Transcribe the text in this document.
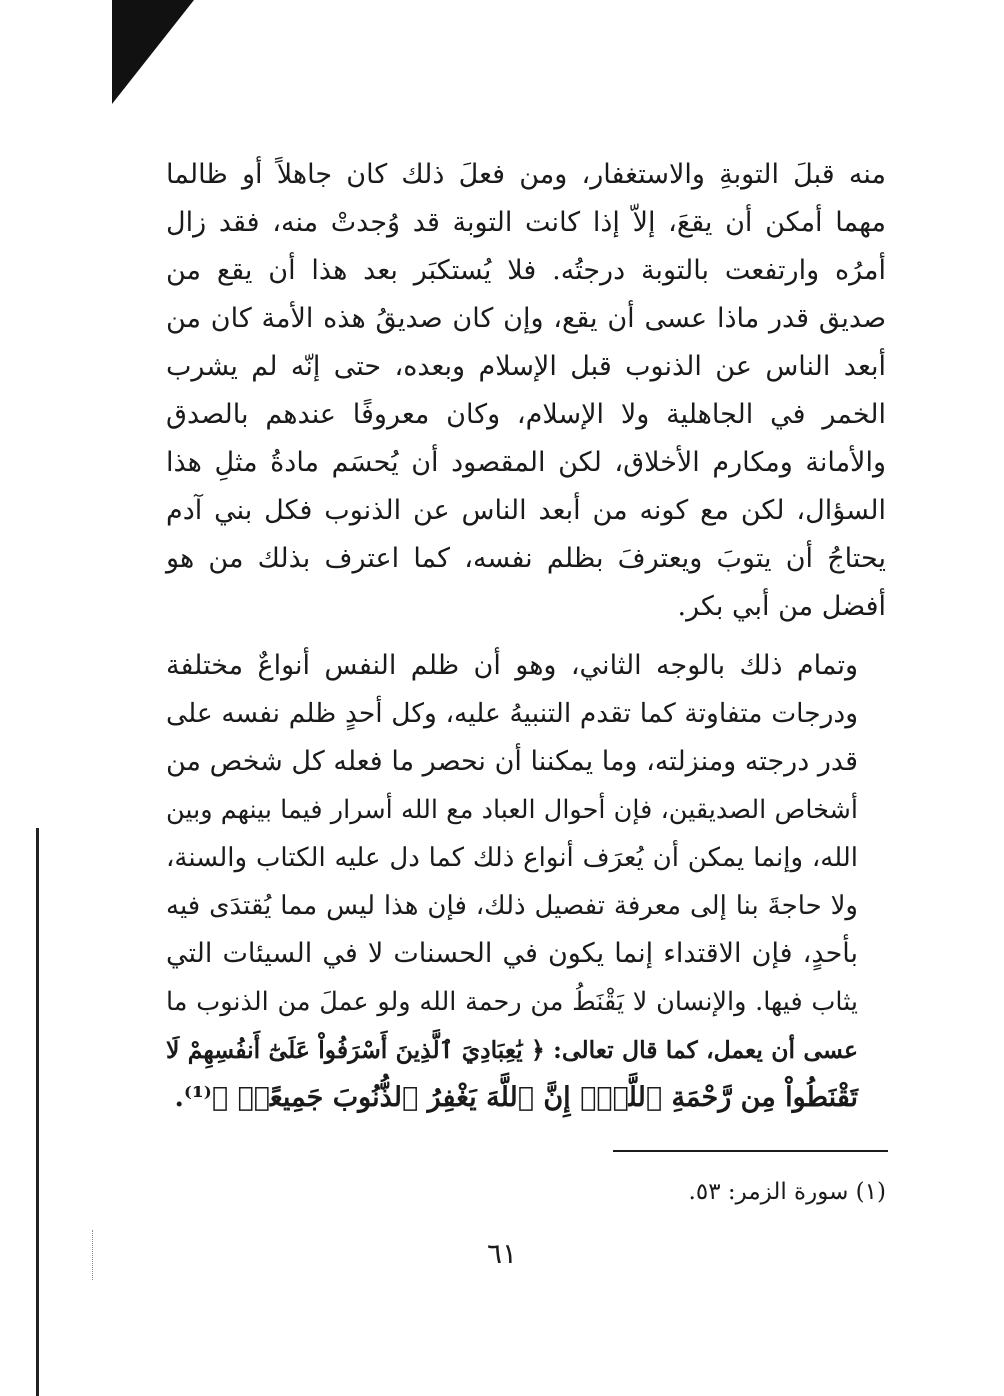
منه قبلَ التوبةِ والاستغفار، ومن فعلَ ذلك كان جاهلاً أو ظالما
مهما أمكن أن يقعَ، إلاّ إذا كانت التوبة قد وُجدتْ منه، فقد زال
أمرُه وارتفعت بالتوبة درجتُه. فلا يُستكبَر بعد هذا أن يقع من
صديق قدر ماذا عسى أن يقع، وإن كان صديقُ هذه الأمة كان من
أبعد الناس عن الذنوب قبل الإسلام وبعده، حتى إنّه لم يشرب
الخمر في الجاهلية ولا الإسلام، وكان معروفًا عندهم بالصدق
والأمانة ومكارم الأخلاق، لكن المقصود أن يُحسَم مادةُ مثلِ هذا
السؤال، لكن مع كونه من أبعد الناس عن الذنوب فكل بني آدم
يحتاجُ أن يتوبَ ويعترفَ بظلم نفسه، كما اعترف بذلك من هو
أفضل من أبي بكر.
وتمام ذلك بالوجه الثاني، وهو أن ظلم النفس أنواعٌ مختلفة
ودرجات متفاوتة كما تقدم التنبيهُ عليه، وكل أحدٍ ظلم نفسه على
قدر درجته ومنزلته، وما يمكننا أن نحصر ما فعله كل شخص من
أشخاص الصديقين، فإن أحوال العباد مع الله أسرار فيما بينهم وبين
الله، وإنما يمكن أن يُعرَف أنواع ذلك كما دل عليه الكتاب والسنة،
ولا حاجةَ بنا إلى معرفة تفصيل ذلك، فإن هذا ليس مما يُقتدَى فيه
بأحدٍ، فإن الاقتداء إنما يكون في الحسنات لا في السيئات التي
يثاب فيها. والإنسان لا يَقْنَطُ من رحمة الله ولو عملَ من الذنوب ما
عسى أن يعمل، كما قال تعالى: ﴿ يَٰعِبَادِيَ ٱلَّذِينَ أَسْرَفُواْ عَلَىٰٓ أَنفُسِهِمْ لَا
تَقْنَطُواْ مِن رَّحْمَةِ ٱللَّهِۚ إِنَّ ٱللَّهَ يَغْفِرُ ٱلذُّنُوبَ جَمِيعًاۚ ﴾⁽¹⁾.
(١) سورة الزمر: ٥٣.
٦١
